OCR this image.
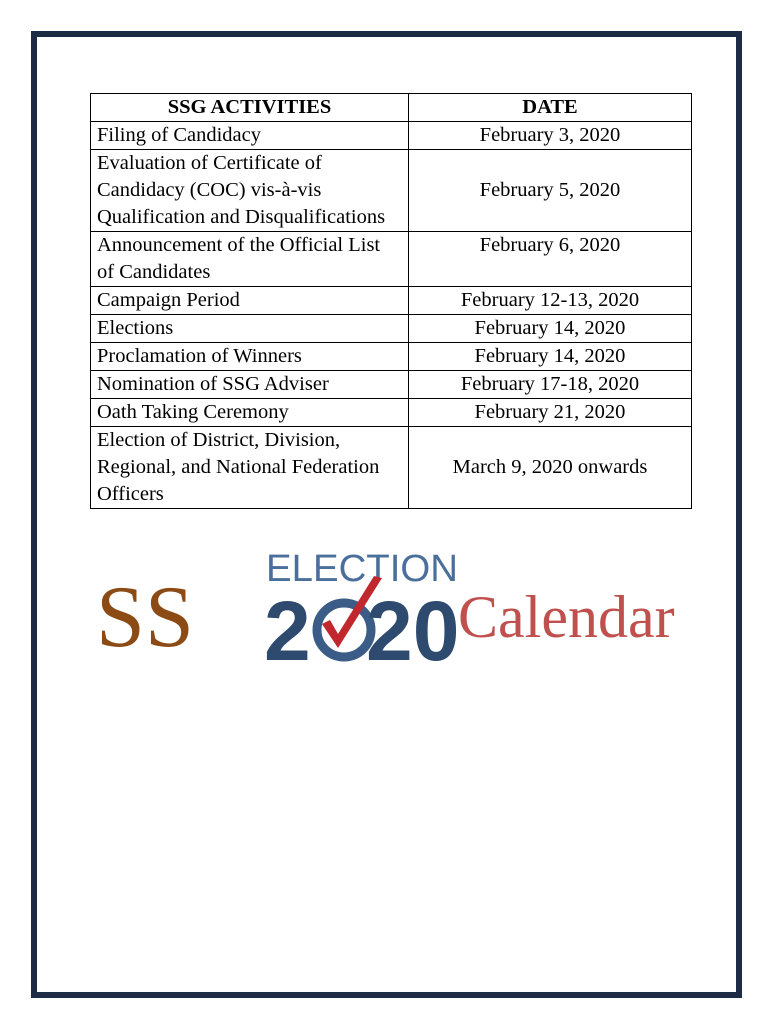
SSG ACTIVITIES	DATE
Filing of Candidacy	February 3, 2020
Evaluation of Certificate of Candidacy (COC) vis-à-vis Qualification and Disqualifications	February 5, 2020
Announcement of the Official List of Candidates	February 6, 2020
Campaign Period	February 12-13, 2020
Elections	February 14, 2020
Proclamation of Winners	February 14, 2020
Nomination of SSG Adviser	February 17-18, 2020
Oath Taking Ceremony	February 21, 2020
Election of District, Division, Regional, and National Federation Officers	March 9, 2020 onwards
SS ELECTION
2 20
Calendar
